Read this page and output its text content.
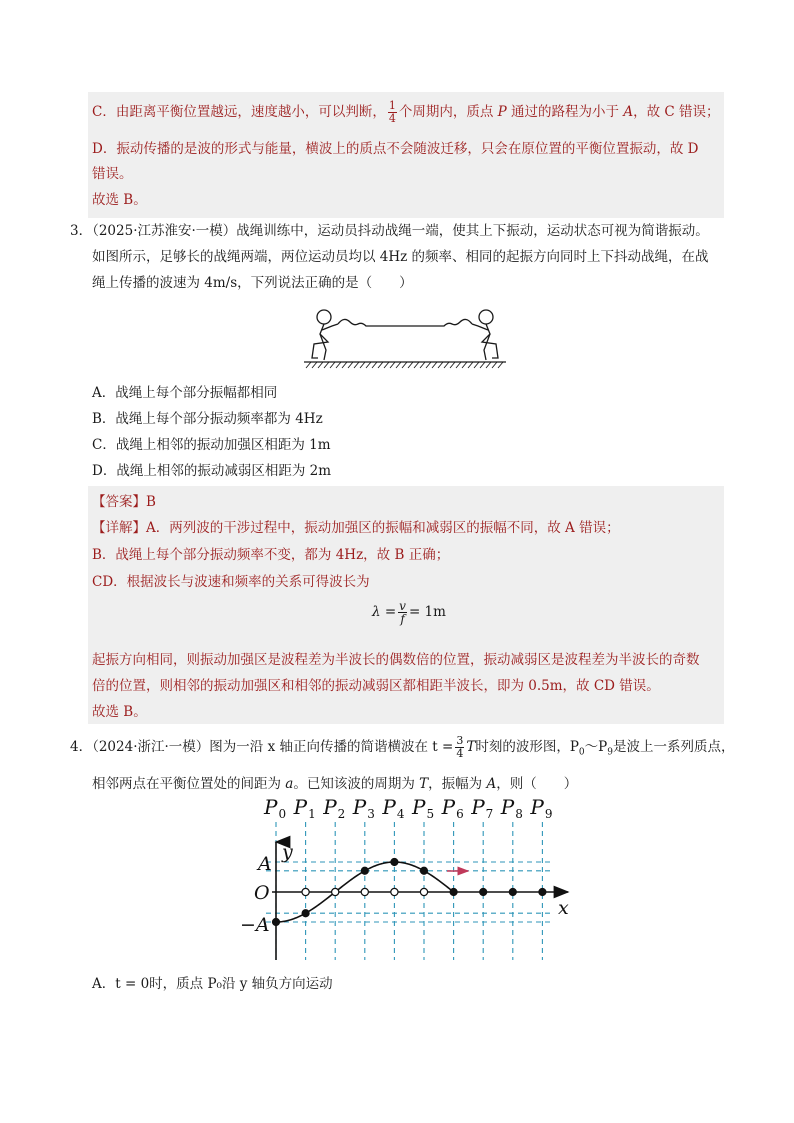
C．由距离平衡位置越远，速度越小，可以判断， $\frac{1}{4}$ 个周期内，质点 P 通过的路程为小于 A，故 C 错误；
D．振动传播的是波的形式与能量，横波上的质点不会随波迁移，只会在原位置的平衡位置振动，故 D
错误。
故选 B。
3．（2025·江苏淮安·一模）战绳训练中，运动员抖动战绳一端，使其上下振动，运动状态可视为简谐振动。
如图所示，足够长的战绳两端，两位运动员均以 4Hz 的频率、相同的起振方向同时上下抖动战绳，在战
绳上传播的波速为 4m/s，下列说法正确的是（　　）
A．战绳上每个部分振幅都相同
B．战绳上每个部分振动频率都为 4Hz
C．战绳上相邻的振动加强区相距为 1m
D．战绳上相邻的振动减弱区相距为 2m
【答案】B
【详解】A．两列波的干涉过程中，振动加强区的振幅和减弱区的振幅不同，故 A 错误；
B．战绳上每个部分振动频率不变，都为 4Hz，故 B 正确；
CD．根据波长与波速和频率的关系可得波长为
$\lambda = \frac{v}{f} = 1m$
起振方向相同，则振动加强区是波程差为半波长的偶数倍的位置，振动减弱区是波程差为半波长的奇数
倍的位置，则相邻的振动加强区和相邻的振动减弱区都相距半波长，即为 0.5m，故 CD 错误。
故选 B。
4．（2024·浙江·一模）图为一沿 x 轴正向传播的简谐横波在 $t = \frac{3}{4}$ T时刻的波形图，$P_0\sim P_9$是波上一系列质点，
相邻两点在平衡位置处的间距为 a。已知该波的周期为 T，振幅为 A，则（　　）
$P_0$ $P_1$ $P_2$ $P_3$ $P_4$ $P_5$ $P_6$ $P_7$ $P_8$ $P_9$
A
y
O
−A
x
A．t = 0时，质点 P₀沿 y 轴负方向运动
